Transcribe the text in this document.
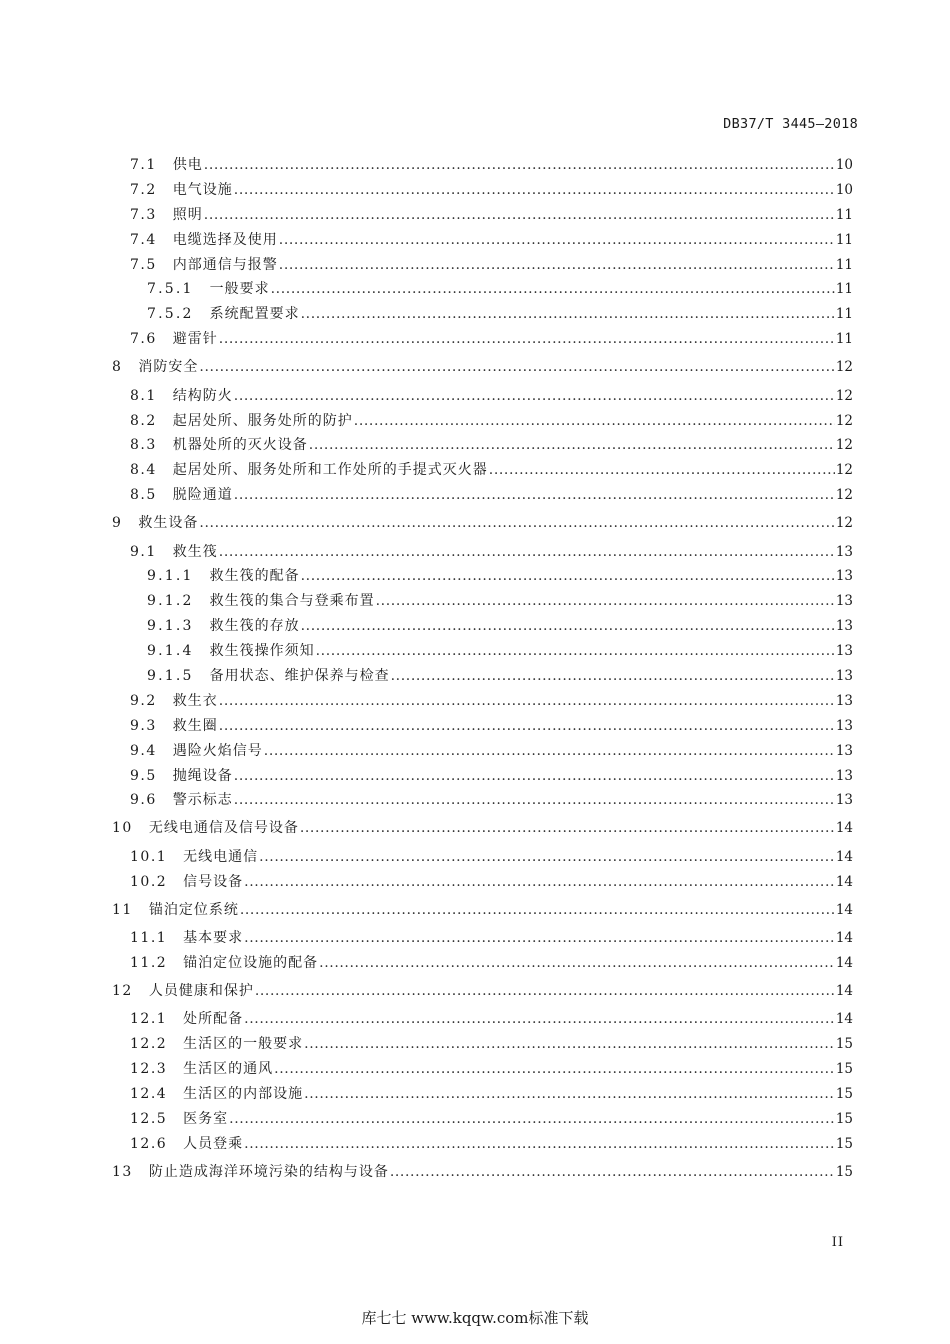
DB37/T 3445—2018
7.1 供电 .....	10
7.2 电气设施 .....	10
7.3 照明 .....	11
7.4 电缆选择及使用 .....	11
7.5 内部通信与报警 .....	11
7.5.1 一般要求 .....	11
7.5.2 系统配置要求 .....	11
7.6 避雷针 .....	11
8 消防安全 .....	12
8.1 结构防火 .....	12
8.2 起居处所、服务处所的防护 .....	12
8.3 机器处所的灭火设备 .....	12
8.4 起居处所、服务处所和工作处所的手提式灭火器 .....	12
8.5 脱险通道 .....	12
9 救生设备 .....	12
9.1 救生筏 .....	13
9.1.1 救生筏的配备 .....	13
9.1.2 救生筏的集合与登乘布置 .....	13
9.1.3 救生筏的存放 .....	13
9.1.4 救生筏操作须知 .....	13
9.1.5 备用状态、维护保养与检查 .....	13
9.2 救生衣 .....	13
9.3 救生圈 .....	13
9.4 遇险火焰信号 .....	13
9.5 抛绳设备 .....	13
9.6 警示标志 .....	13
10 无线电通信及信号设备 .....	14
10.1 无线电通信 .....	14
10.2 信号设备 .....	14
11 锚泊定位系统 .....	14
11.1 基本要求 .....	14
11.2 锚泊定位设施的配备 .....	14
12 人员健康和保护 .....	14
12.1 处所配备 .....	14
12.2 生活区的一般要求 .....	15
12.3 生活区的通风 .....	15
12.4 生活区的内部设施 .....	15
12.5 医务室 .....	15
12.6 人员登乘 .....	15
13 防止造成海洋环境污染的结构与设备 .....	15
II
库七七 www.kqqw.com标准下载
